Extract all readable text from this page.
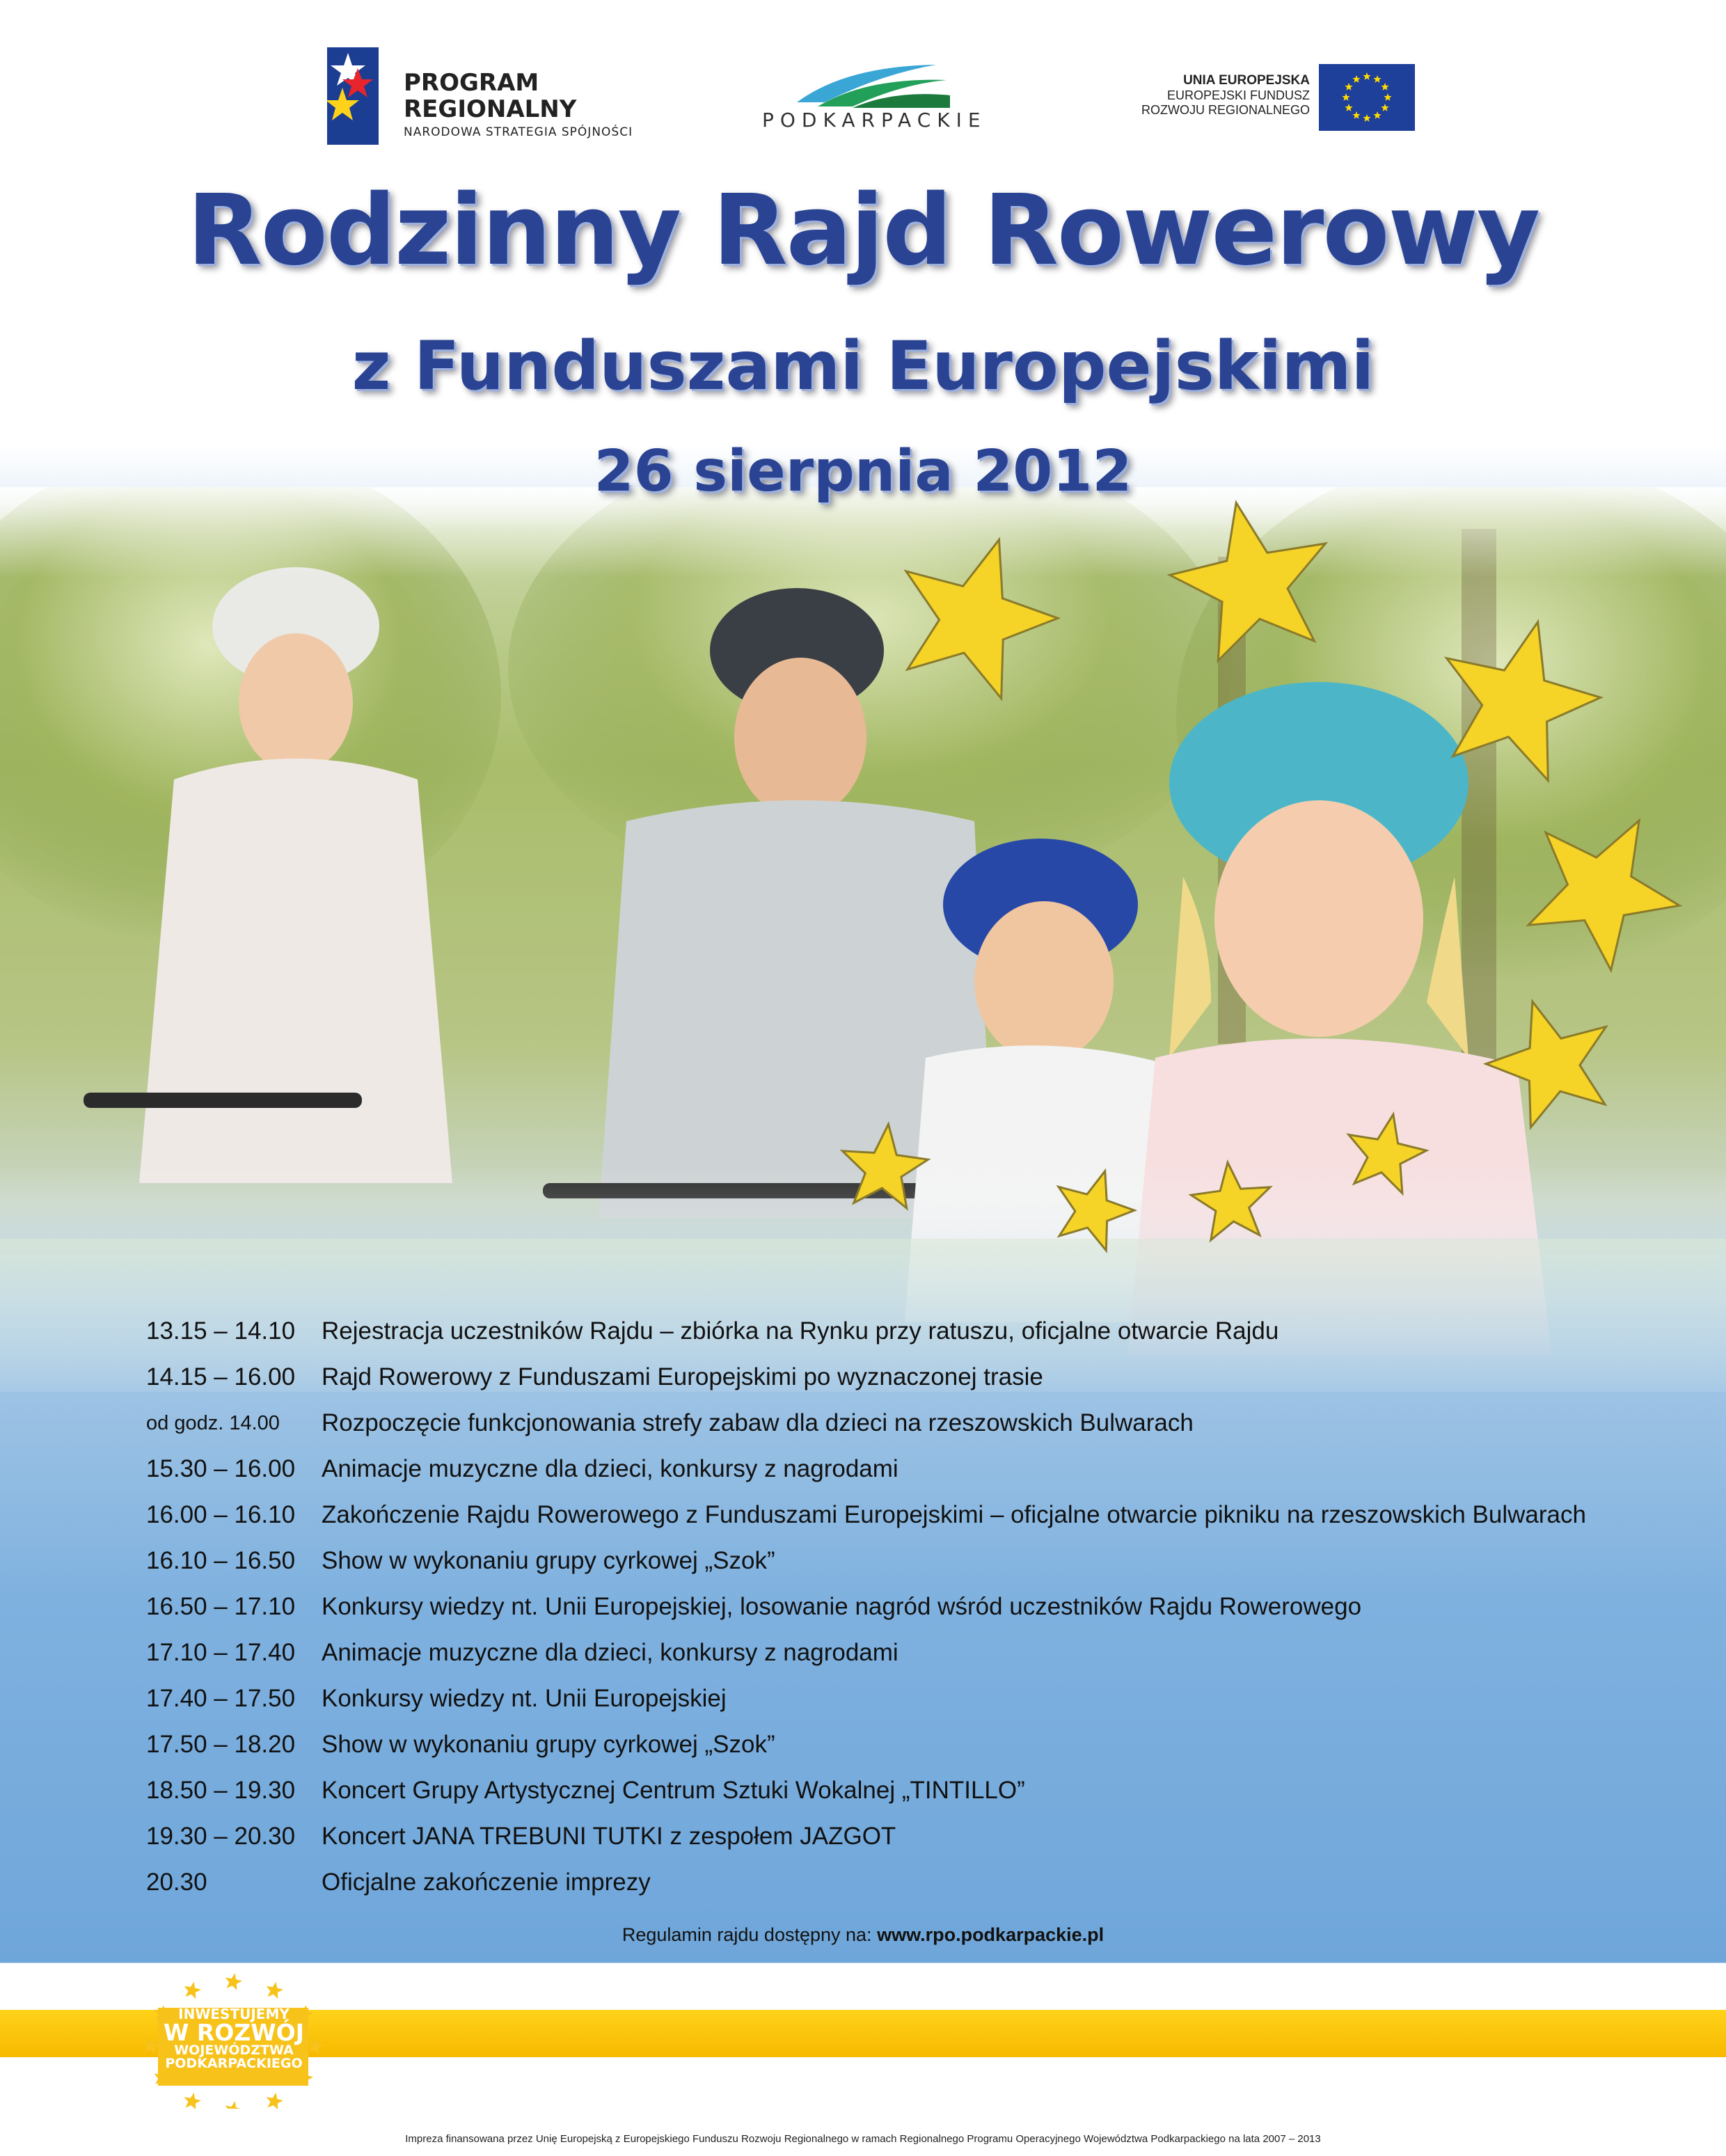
PROGRAM
REGIONALNY
NARODOWA STRATEGIA SPÓJNOŚCI
PODKARPACKIE
UNIA EUROPEJSKA
EUROPEJSKI FUNDUSZ
ROZWOJU REGIONALNEGO
Rodzinny Rajd Rowerowy
z Funduszami Europejskimi
26 sierpnia 2012
13.15 – 14.10	Rejestracja uczestników Rajdu – zbiórka na Rynku przy ratuszu, oficjalne otwarcie Rajdu
14.15 – 16.00	Rajd Rowerowy z Funduszami Europejskimi po wyznaczonej trasie
od godz. 14.00	Rozpoczęcie funkcjonowania strefy zabaw dla dzieci na rzeszowskich Bulwarach
15.30 – 16.00	Animacje muzyczne dla dzieci, konkursy z nagrodami
16.00 – 16.10	Zakończenie Rajdu Rowerowego z Funduszami Europejskimi – oficjalne otwarcie pikniku na rzeszowskich Bulwarach
16.10 – 16.50	Show w wykonaniu grupy cyrkowej „Szok”
16.50 – 17.10	Konkursy wiedzy nt. Unii Europejskiej, losowanie nagród wśród uczestników Rajdu Rowerowego
17.10 – 17.40	Animacje muzyczne dla dzieci, konkursy z nagrodami
17.40 – 17.50	Konkursy wiedzy nt. Unii Europejskiej
17.50 – 18.20	Show w wykonaniu grupy cyrkowej „Szok”
18.50 – 19.30	Koncert Grupy Artystycznej Centrum Sztuki Wokalnej „TINTILLO”
19.30 – 20.30	Koncert JANA TREBUNI TUTKI z zespołem JAZGOT
20.30	Oficjalne zakończenie imprezy
Regulamin rajdu dostępny na: www.rpo.podkarpackie.pl
INWESTUJEMY
W ROZWÓJ
WOJEWÓDZTWA
PODKARPACKIEGO
Impreza finansowana przez Unię Europejską z Europejskiego Funduszu Rozwoju Regionalnego w ramach Regionalnego Programu Operacyjnego Województwa Podkarpackiego na lata 2007 – 2013
